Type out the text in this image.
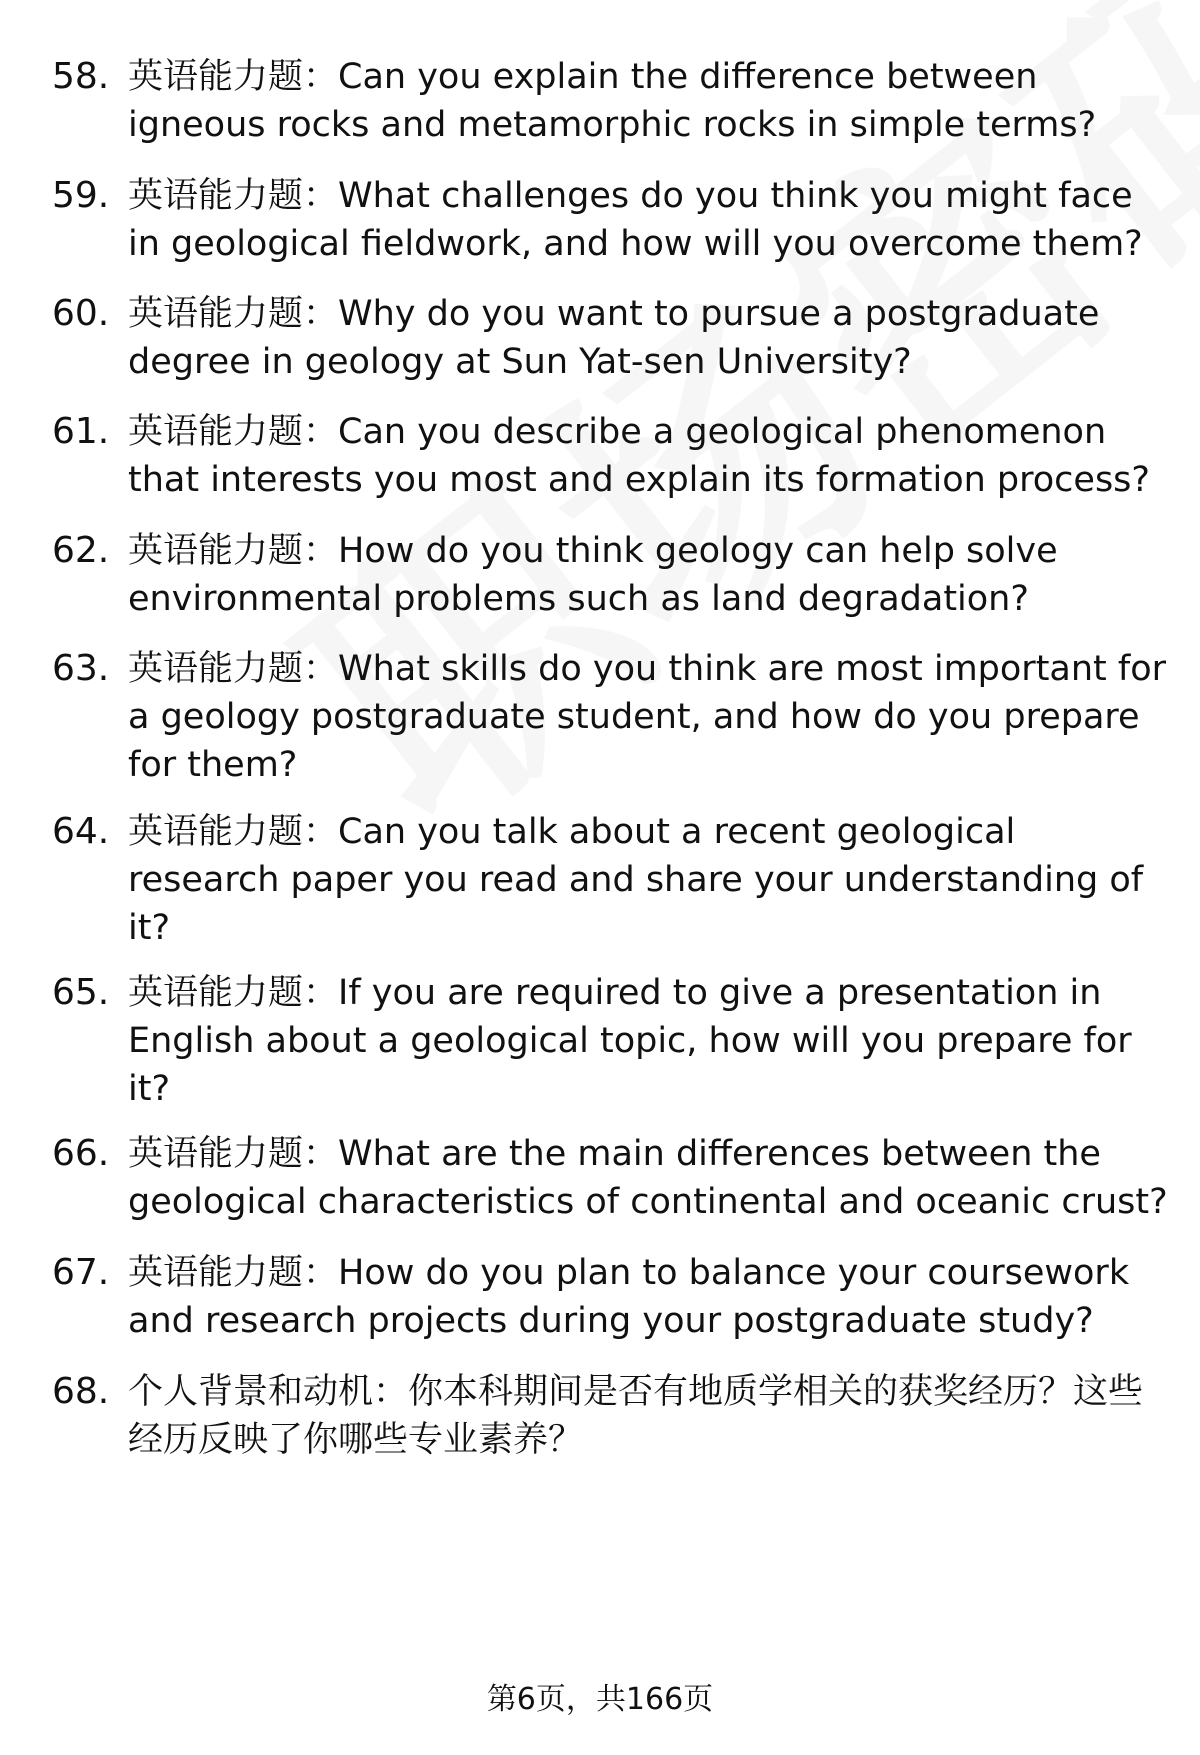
58. 英语能力题：Can you explain the difference between igneous rocks and metamorphic rocks in simple terms?
59. 英语能力题：What challenges do you think you might face in geological fieldwork, and how will you overcome them?
60. 英语能力题：Why do you want to pursue a postgraduate degree in geology at Sun Yat-sen University?
61. 英语能力题：Can you describe a geological phenomenon that interests you most and explain its formation process?
62. 英语能力题：How do you think geology can help solve environmental problems such as land degradation?
63. 英语能力题：What skills do you think are most important for a geology postgraduate student, and how do you prepare for them?
64. 英语能力题：Can you talk about a recent geological research paper you read and share your understanding of it?
65. 英语能力题：If you are required to give a presentation in English about a geological topic, how will you prepare for it?
66. 英语能力题：What are the main differences between the geological characteristics of continental and oceanic crust?
67. 英语能力题：How do you plan to balance your coursework and research projects during your postgraduate study?
68. 个人背景和动机：你本科期间是否有地质学相关的获奖经历？这些经历反映了你哪些专业素养？
第6页，共166页
